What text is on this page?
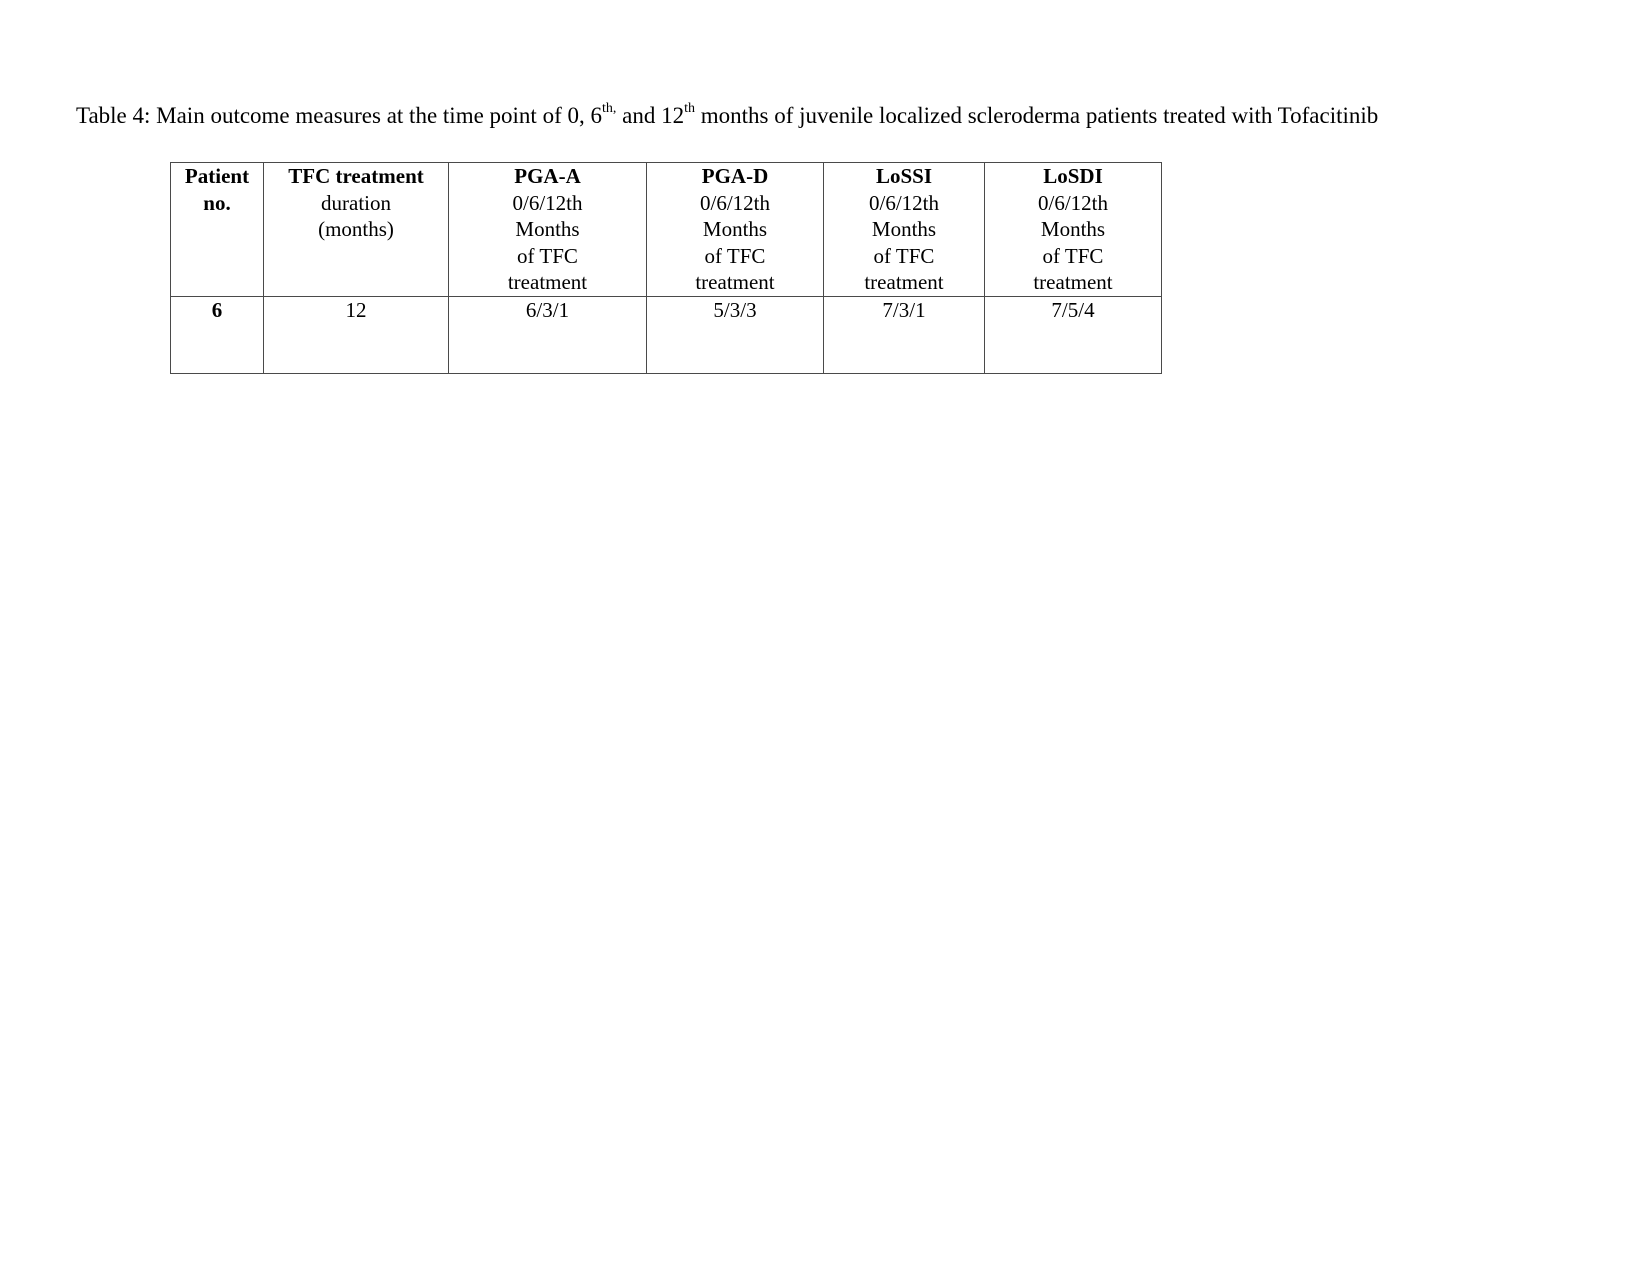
Table 4: Main outcome measures at the time point of 0, $6^{th,}$ and 12th months of juvenile localized scleroderma patients treated with Tofacitinib
Patient
no.	TFC treatment
duration
(months)	PGA-A
0/6/12th
Months
of TFC
treatment	PGA-D
0/6/12th
Months
of TFC
treatment	LoSSI
0/6/12th
Months
of TFC
treatment	LoSDI
0/6/12th
Months
of TFC
treatment

6	12	6/3/1	5/3/3	7/3/1	7/5/4
